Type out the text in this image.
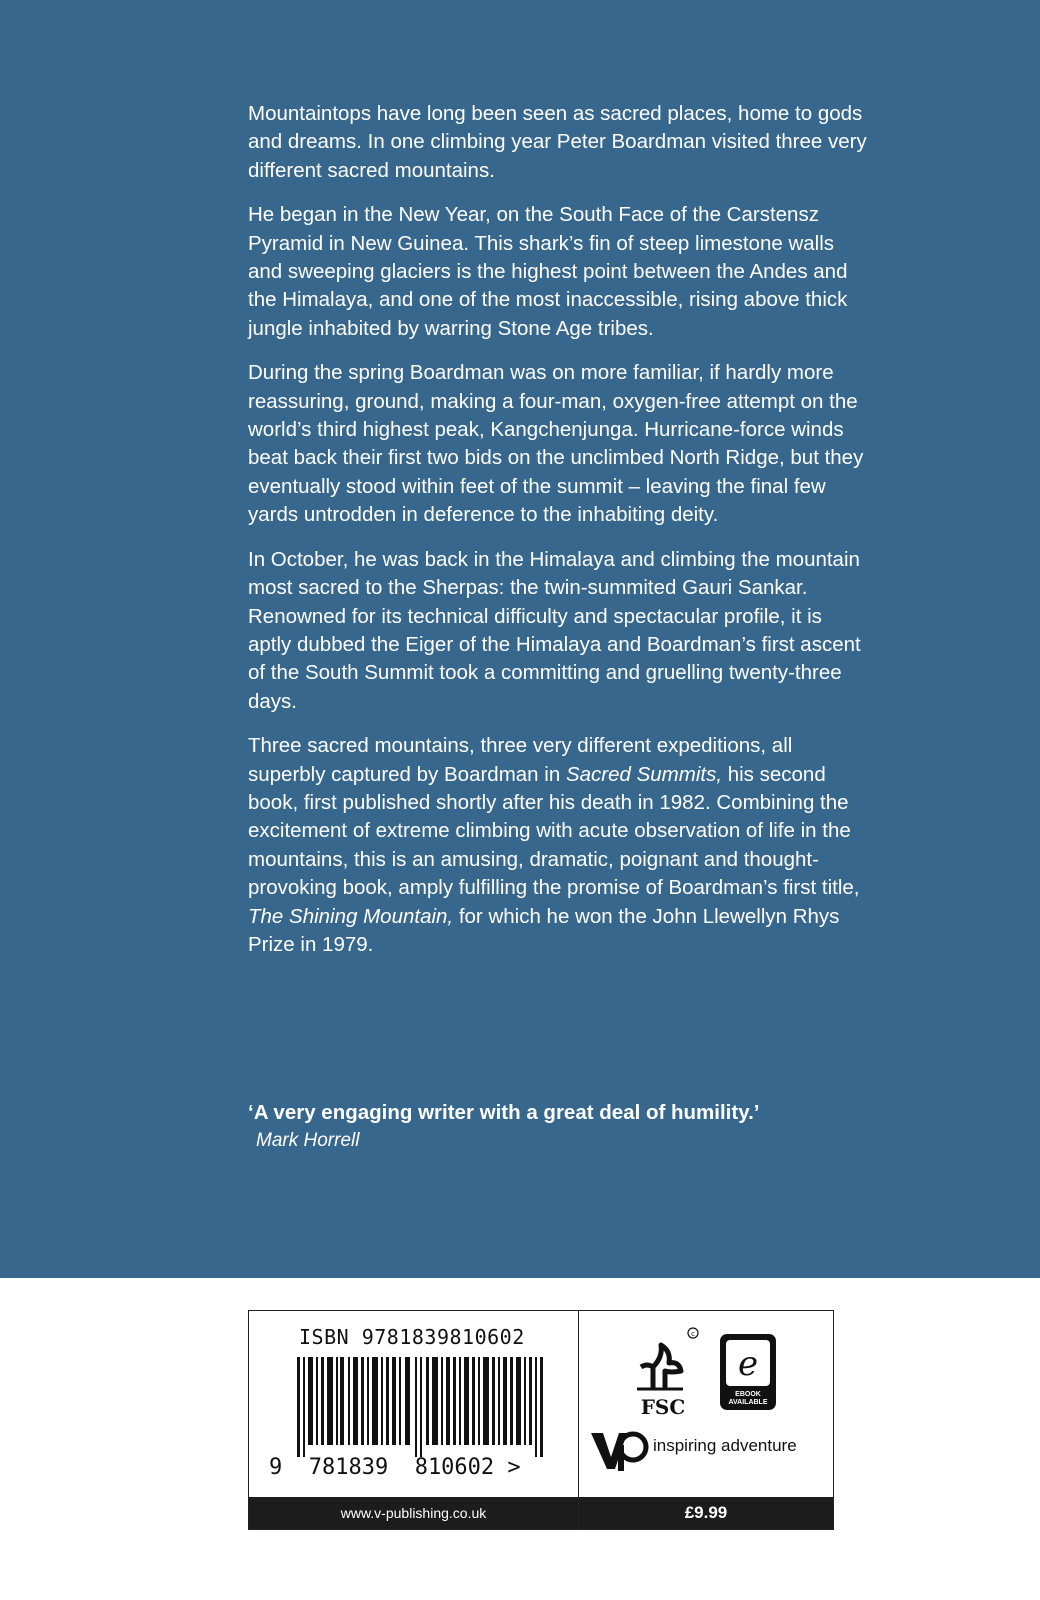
Mountaintops have long been seen as sacred places, home to gods and dreams. In one climbing year Peter Boardman visited three very different sacred mountains.

He began in the New Year, on the South Face of the Carstensz Pyramid in New Guinea. This shark’s fin of steep limestone walls and sweeping glaciers is the highest point between the Andes and the Himalaya, and one of the most inaccessible, rising above thick jungle inhabited by warring Stone Age tribes.

During the spring Boardman was on more familiar, if hardly more reassuring, ground, making a four-man, oxygen-free attempt on the world’s third highest peak, Kangchenjunga. Hurricane-force winds beat back their first two bids on the unclimbed North Ridge, but they eventually stood within feet of the summit – leaving the final few yards untrodden in deference to the inhabiting deity.

In October, he was back in the Himalaya and climbing the mountain most sacred to the Sherpas: the twin-summited Gauri Sankar. Renowned for its technical difficulty and spectacular profile, it is aptly dubbed the Eiger of the Himalaya and Boardman’s first ascent of the South Summit took a committing and gruelling twenty-three days.

Three sacred mountains, three very different expeditions, all superbly captured by Boardman in Sacred Summits, his second book, first published shortly after his death in 1982. Combining the excitement of extreme climbing with acute observation of life in the mountains, this is an amusing, dramatic, poignant and thought-provoking book, amply fulfilling the promise of Boardman’s first title, The Shining Mountain, for which he won the John Llewellyn Rhys Prize in 1979.

‘A very engaging writer with a great deal of humility.’
Mark Horrell
ISBN 9781839810602
9  781839  810602 >
c
FSC
e
EBOOK
AVAILABLE
inspiring adventure
www.v-publishing.co.uk	£9.99
